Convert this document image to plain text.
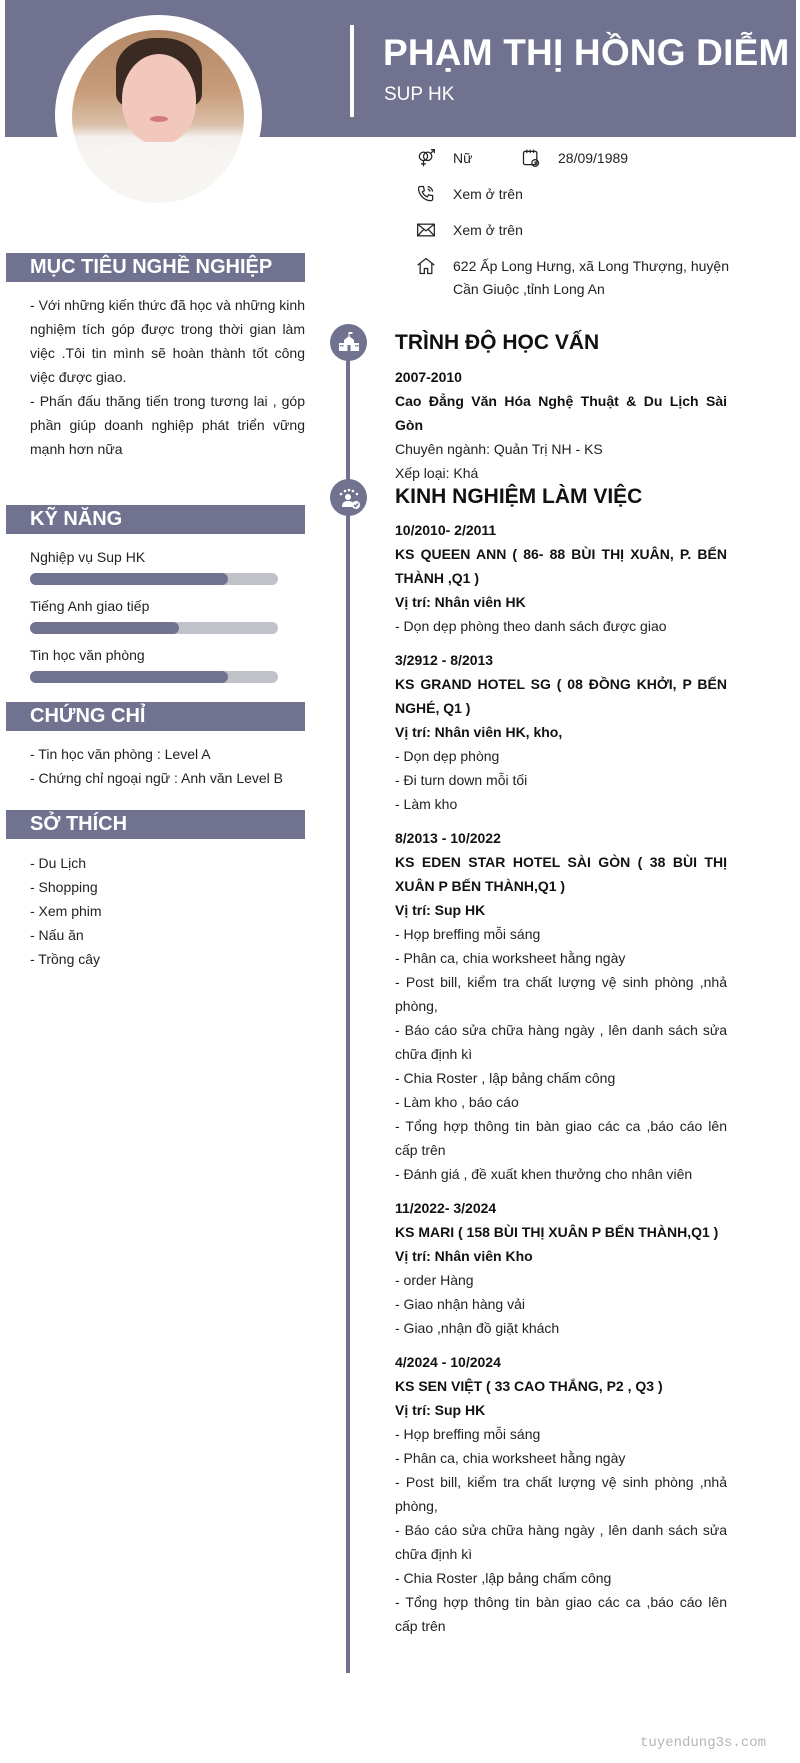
PHẠM THỊ HỒNG DIỄM
SUP HK
Nữ	28/09/1989
Xem ở trên
Xem ở trên
622 Ấp Long Hưng, xã Long Thượng, huyện Cần Giuộc ,tỉnh Long An
MỤC TIÊU NGHỀ NGHIỆP

- Với những kiến thức đã học và những kinh nghiệm tích góp được trong thời gian làm việc .Tôi tin mình sẽ hoàn thành tốt công việc được giao.

- Phấn đấu thăng tiến trong tương lai , góp phần giúp doanh nghiệp phát triển vững mạnh hơn nữa

KỸ NĂNG
Nghiệp vụ Sup HK
Tiếng Anh giao tiếp
Tin học văn phòng
CHỨNG CHỈ
- Tin học văn phòng : Level A
- Chứng chỉ ngoại ngữ : Anh văn Level B
SỞ THÍCH
- Du Lịch
- Shopping
- Xem phim
- Nấu ăn
- Trồng cây
TRÌNH ĐỘ HỌC VẤN
2007-2010
Cao Đẳng Văn Hóa Nghệ Thuật & Du Lịch Sài Gòn
Chuyên ngành: Quản Trị NH - KS
Xếp loại: Khá
KINH NGHIỆM LÀM VIỆC
10/2010- 2/2011
KS QUEEN ANN ( 86- 88 BÙI THỊ XUÂN, P. BẾN THÀNH ,Q1 )
Vị trí: Nhân viên HK
- Dọn dẹp phòng theo danh sách được giao
3/2912 - 8/2013
KS GRAND HOTEL SG ( 08 ĐỒNG KHỞI, P BẾN NGHÉ, Q1 )
Vị trí: Nhân viên HK, kho,
- Dọn dẹp phòng
- Đi turn down mỗi tối
- Làm kho
8/2013 - 10/2022
KS EDEN STAR HOTEL SÀI GÒN ( 38 BÙI THỊ XUÂN P BẾN THÀNH,Q1 )
Vị trí: Sup HK
- Họp breffing mỗi sáng
- Phân ca, chia worksheet hằng ngày
- Post bill, kiểm tra chất lượng vệ sinh phòng ,nhả phòng,
- Báo cáo sửa chữa hàng ngày , lên danh sách sửa chữa định kì
- Chia Roster , lập bảng chấm công
- Làm kho , báo cáo
- Tổng hợp thông tin bàn giao các ca ,báo cáo lên cấp trên
- Đánh giá , đề xuất khen thưởng cho nhân viên
11/2022- 3/2024
KS MARI ( 158 BÙI THỊ XUÂN P BẾN THÀNH,Q1 )
Vị trí: Nhân viên Kho
- order Hàng
- Giao nhận hàng vải
- Giao ,nhận đồ giặt khách
4/2024 - 10/2024
KS SEN VIỆT ( 33 CAO THẮNG, P2 , Q3 )
Vị trí: Sup HK
- Họp breffing mỗi sáng
- Phân ca, chia worksheet hằng ngày
- Post bill, kiểm tra chất lượng vệ sinh phòng ,nhả phòng,
- Báo cáo sửa chữa hàng ngày , lên danh sách sửa chữa định kì
- Chia Roster ,lập bảng chấm công
- Tổng hợp thông tin bàn giao các ca ,báo cáo lên cấp trên
tuyendung3s.com
